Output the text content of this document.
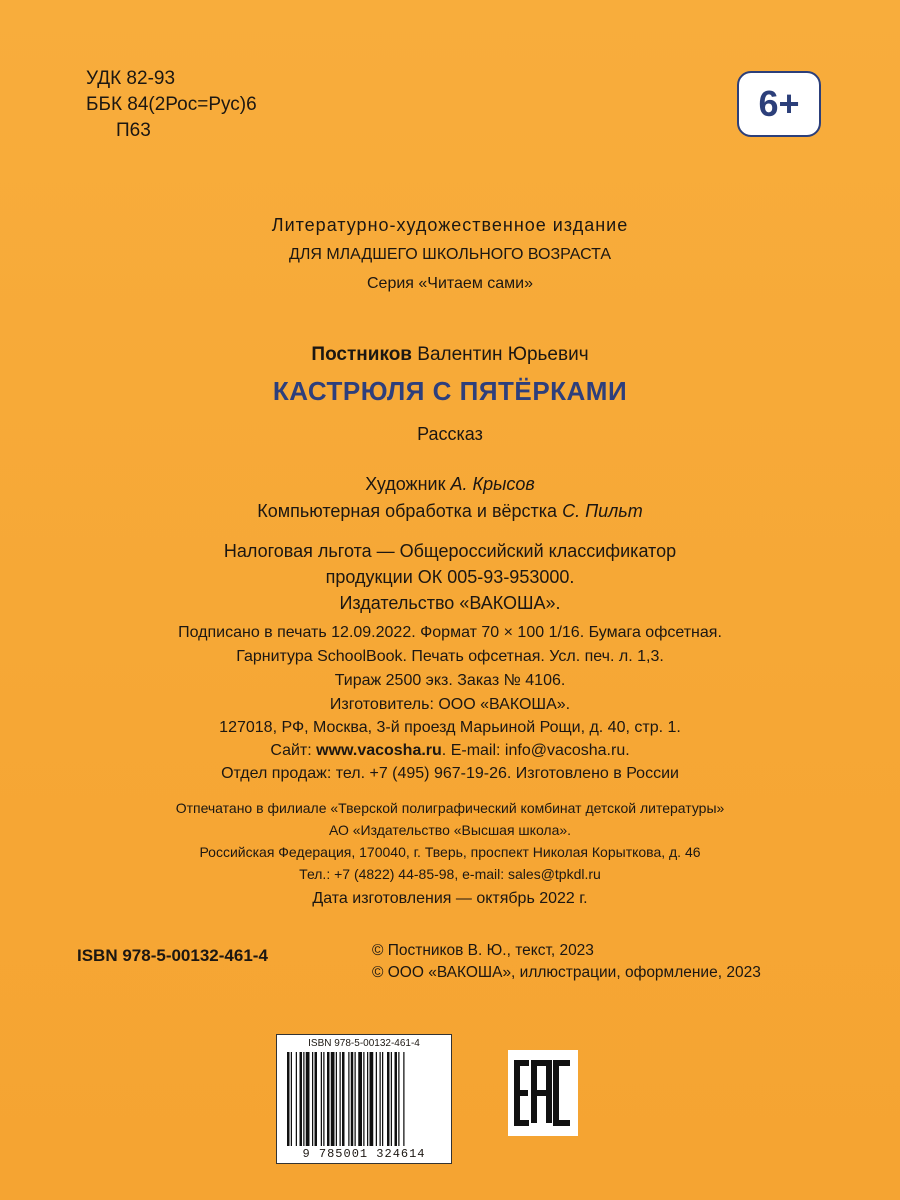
УДК 82-93
ББК 84(2Рос=Рус)6
П63
6+
Литературно-художественное издание
ДЛЯ МЛАДШЕГО ШКОЛЬНОГО ВОЗРАСТА
Серия «Читаем сами»
Постников Валентин Юрьевич
КАСТРЮЛЯ С ПЯТЁРКАМИ
Рассказ
Художник А. Крысов
Компьютерная обработка и вёрстка С. Пильт
Налоговая льгота — Общероссийский классификатор
продукции ОК 005-93-953000.
Издательство «ВАКОША».
Подписано в печать 12.09.2022. Формат 70 × 100 1/16. Бумага офсетная.
Гарнитура SchoolBook. Печать офсетная. Усл. печ. л. 1,3.
Тираж 2500 экз. Заказ № 4106.
Изготовитель: ООО «ВАКОША».
127018, РФ, Москва, 3-й проезд Марьиной Рощи, д. 40, стр. 1.
Сайт: www.vacosha.ru. E-mail: info@vacosha.ru.
Отдел продаж: тел. +7 (495) 967-19-26. Изготовлено в России
Отпечатано в филиале «Тверской полиграфический комбинат детской литературы»
АО «Издательство «Высшая школа».
Российская Федерация, 170040, г. Тверь, проспект Николая Корыткова, д. 46
Тел.: +7 (4822) 44-85-98, e-mail: sales@tpkdl.ru
Дата изготовления — октябрь 2022 г.
ISBN 978-5-00132-461-4	© Постников В. Ю., текст, 2023
© ООО «ВАКОША», иллюстрации, оформление, 2023
ISBN 978-5-00132-461-4
9 785001 324614
